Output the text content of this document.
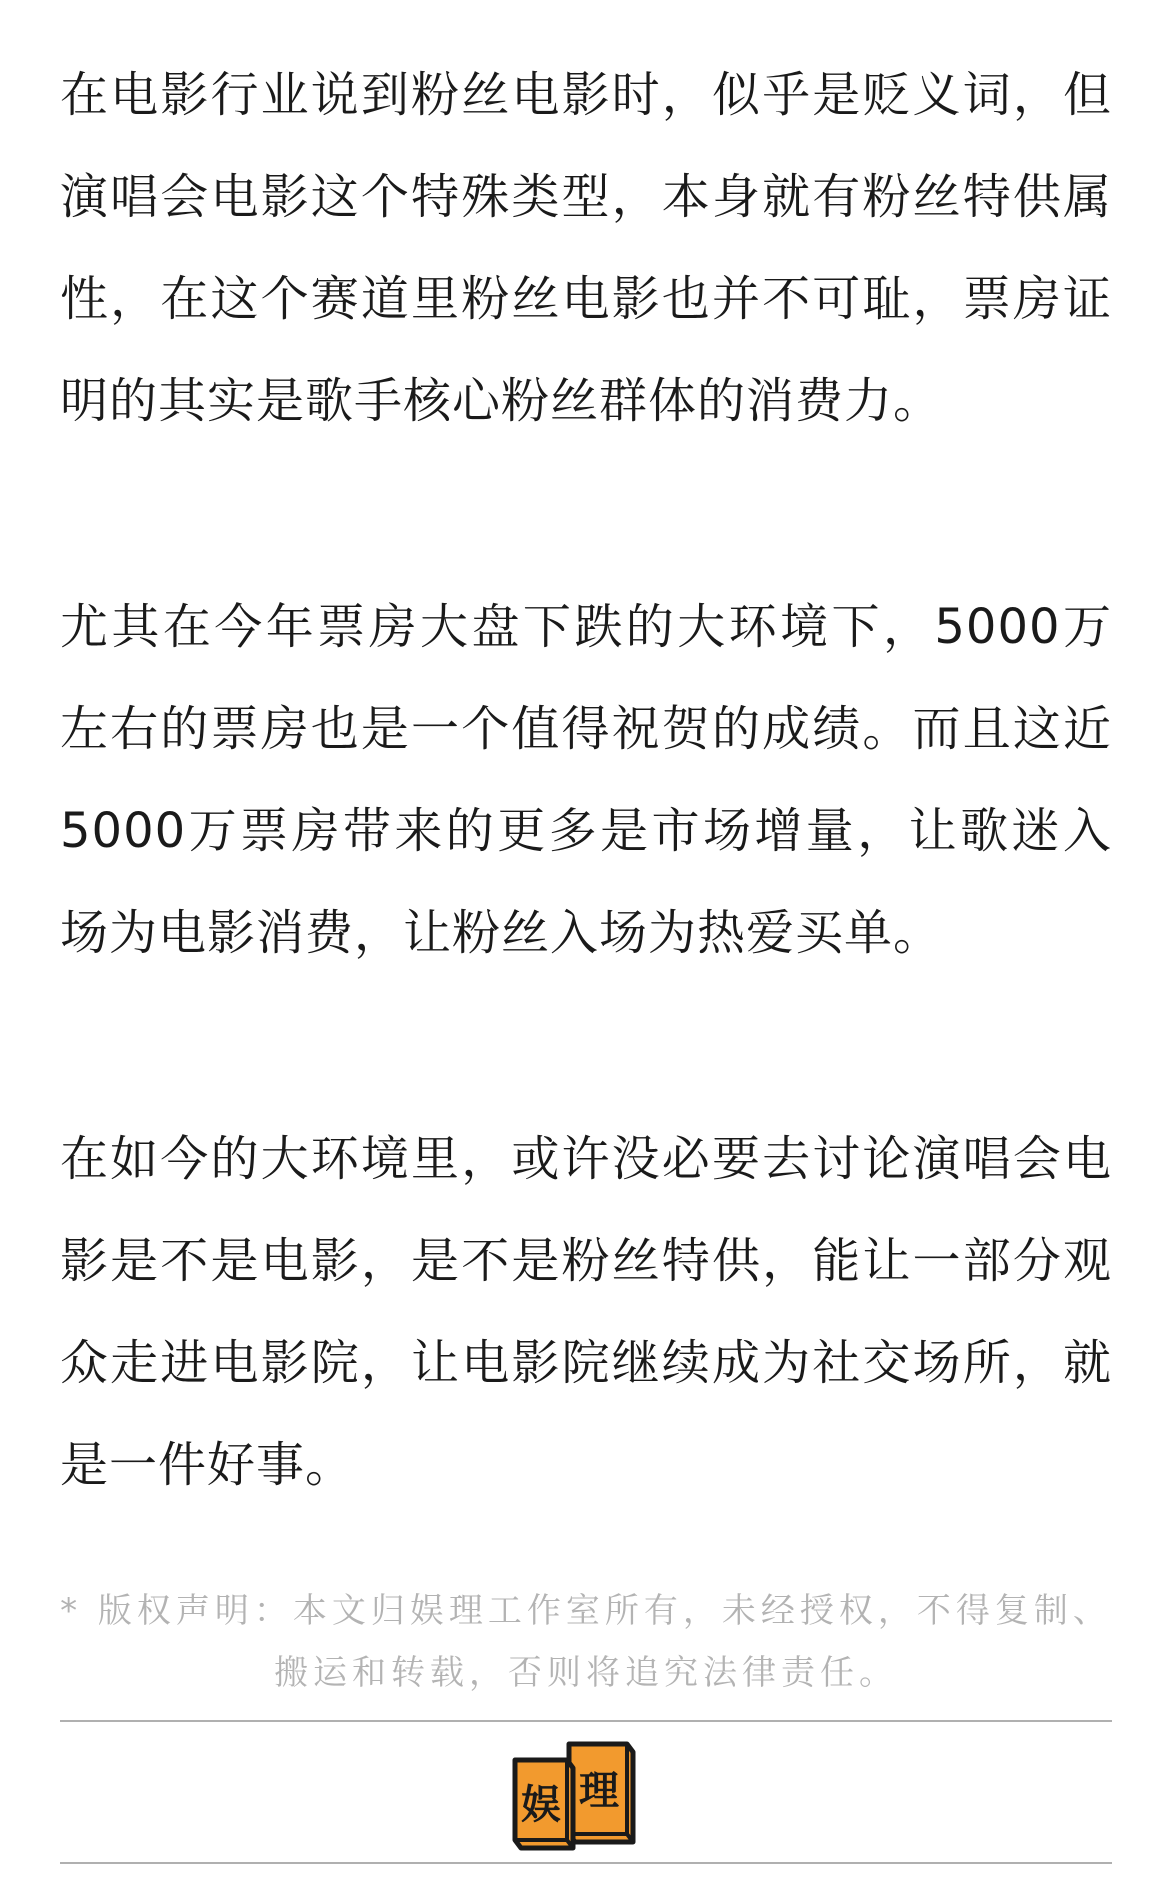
在电影行业说到粉丝电影时，似乎是贬义词，但演唱会电影这个特殊类型，本身就有粉丝特供属性，在这个赛道里粉丝电影也并不可耻，票房证明的其实是歌手核心粉丝群体的消费力。

尤其在今年票房大盘下跌的大环境下，5000万左右的票房也是一个值得祝贺的成绩。而且这近5000万票房带来的更多是市场增量，让歌迷入场为电影消费，让粉丝入场为热爱买单。

在如今的大环境里，或许没必要去讨论演唱会电影是不是电影，是不是粉丝特供，能让一部分观众走进电影院，让电影院继续成为社交场所，就是一件好事。

* 版权声明：本文归娱理工作室所有，未经授权，不得复制、搬运和转载，否则将追究法律责任。
娱 理
